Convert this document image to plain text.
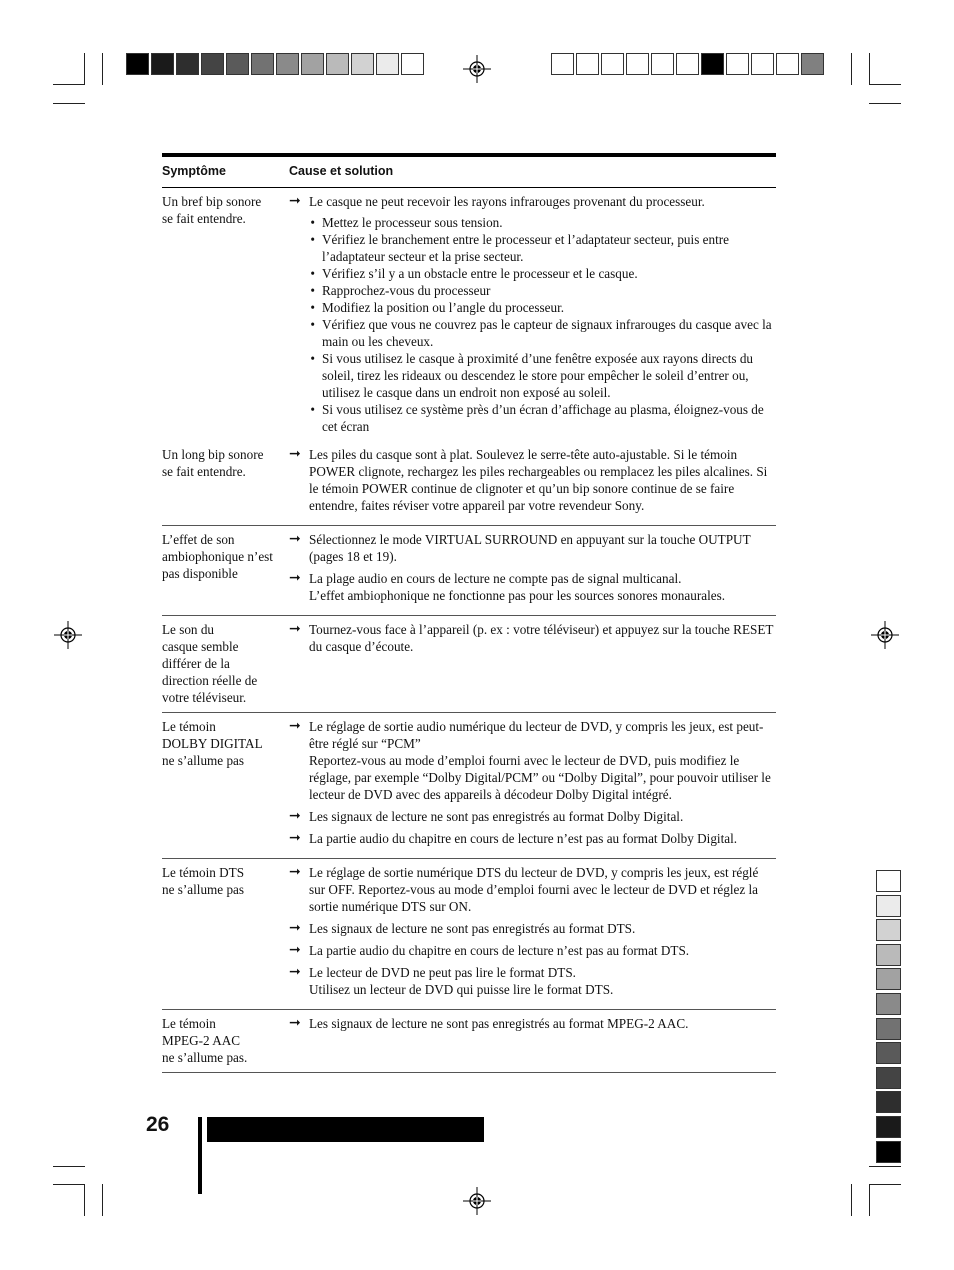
Symptôme	Cause et solution
Un bref bip sonore
se fait entendre.
➞ Le casque ne peut recevoir les rayons infrarouges provenant du processeur.
• Mettez le processeur sous tension.
• Vérifiez le branchement entre le processeur et l’adaptateur secteur, puis entre l’adaptateur secteur et la prise secteur.
• Vérifiez s’il y a un obstacle entre le processeur et le casque.
• Rapprochez-vous du processeur
• Modifiez la position ou l’angle du processeur.
• Vérifiez que vous ne couvrez pas le capteur de signaux infrarouges du casque avec la main ou les cheveux.
• Si vous utilisez le casque à proximité d’une fenêtre exposée aux rayons directs du soleil, tirez les rideaux ou descendez le store pour empêcher le soleil d’entrer ou, utilisez le casque dans un endroit non exposé au soleil.
• Si vous utilisez ce système près d’un écran d’affichage au plasma, éloignez-vous de cet écran
Un long bip sonore
se fait entendre.
➞ Les piles du casque sont à plat. Soulevez le serre-tête auto-ajustable. Si le témoin POWER clignote, rechargez les piles rechargeables ou remplacez les piles alcalines. Si le témoin POWER continue de clignoter et qu’un bip sonore continue de se faire entendre, faites réviser votre appareil par votre revendeur Sony.
L’effet de son
ambiophonique n’est
pas disponible
➞ Sélectionnez le mode VIRTUAL SURROUND en appuyant sur la touche OUTPUT (pages 18 et 19).
➞ La plage audio en cours de lecture ne compte pas de signal multicanal.
L’effet ambiophonique ne fonctionne pas pour les sources sonores monaurales.
Le son du
casque semble
différer de la
direction réelle de
votre téléviseur.
➞ Tournez-vous face à l’appareil (p. ex : votre téléviseur) et appuyez sur la touche RESET du casque d’écoute.
Le témoin
DOLBY DIGITAL
ne s’allume pas
➞ Le réglage de sortie audio numérique du lecteur de DVD, y compris les jeux, est peut-être réglé sur “PCM”
Reportez-vous au mode d’emploi fourni avec le lecteur de DVD, puis modifiez le réglage, par exemple “Dolby Digital/PCM” ou “Dolby Digital”, pour pouvoir utiliser le lecteur de DVD avec des appareils à décodeur Dolby Digital intégré.
➞ Les signaux de lecture ne sont pas enregistrés au format Dolby Digital.
➞ La partie audio du chapitre en cours de lecture n’est pas au format Dolby Digital.
Le témoin DTS
ne s’allume pas
➞ Le réglage de sortie numérique DTS du lecteur de DVD, y compris les jeux, est réglé sur OFF. Reportez-vous au mode d’emploi fourni avec le lecteur de DVD et réglez la sortie numérique DTS sur ON.
➞ Les signaux de lecture ne sont pas enregistrés au format DTS.
➞ La partie audio du chapitre en cours de lecture n’est pas au format DTS.
➞ Le lecteur de DVD ne peut pas lire le format DTS.
Utilisez un lecteur de DVD qui puisse lire le format DTS.
Le témoin
MPEG-2 AAC
ne s’allume pas.
➞ Les signaux de lecture ne sont pas enregistrés au format MPEG-2 AAC.
26
